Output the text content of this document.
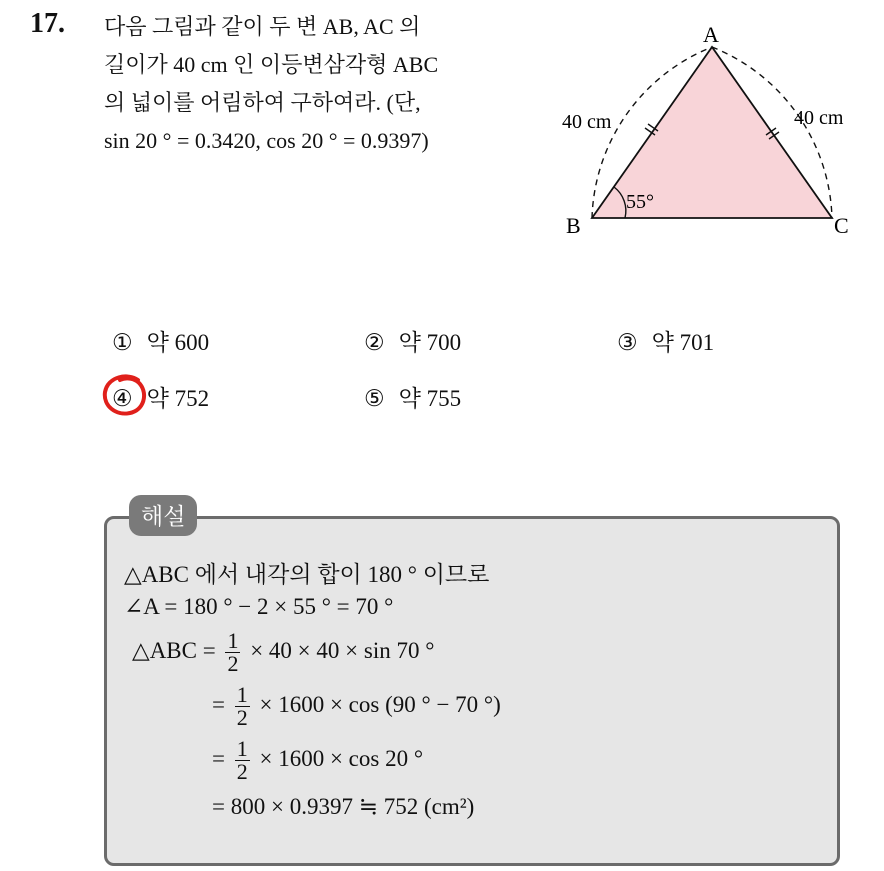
17. 다음 그림과 같이 두 변 AB, AC 의
길이가 40 cm 인 이등변삼각형 ABC
의 넓이를 어림하여 구하여라. (단,
sin 20 ° = 0.3420, cos 20 ° = 0.9397)
A
B	C
40 cm	40 cm
55°
① 약 600	② 약 700	③ 약 701
④ 약 752	⑤ 약 755
해설
△ABC 에서 내각의 합이 180 ° 이므로
∠A = 180 ° − 2 × 55 ° = 70 °
△ABC = $\frac{1}{2} \times 40 \times 40 \times \sin 70$ °
= $\frac{1}{2} \times 1600 \times \cos (90$ ° − 70 °)
= $\frac{1}{2} \times 1600 \times \cos 20$ °
= 800 × 0.9397 ≒ 752 (cm²)
